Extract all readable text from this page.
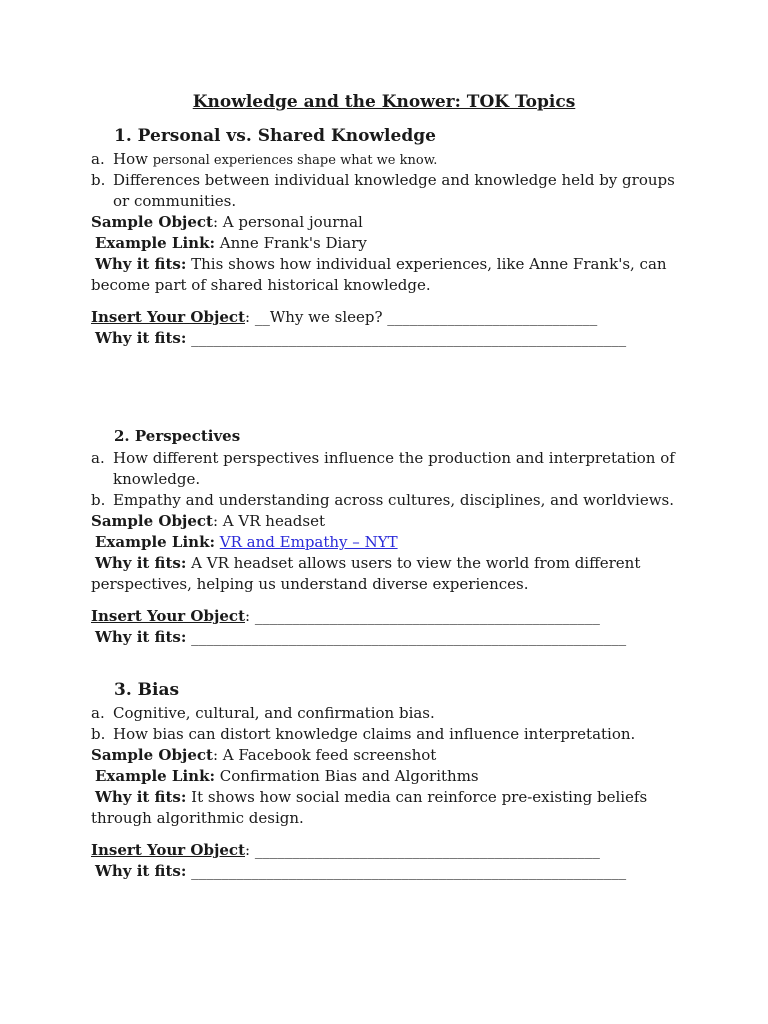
Knowledge and the Knower: TOK Topics
1. Personal vs. Shared Knowledge
a. How personal experiences shape what we know.
b. Differences between individual knowledge and knowledge held by groups
or communities.
Sample Object: A personal journal
Example Link: Anne Frank's Diary
Why it fits: This shows how individual experiences, like Anne Frank's, can
become part of shared historical knowledge.
Insert Your Object: __Why we sleep? ____________________________
Why it fits: __________________________________________________________
2. Perspectives
a. How different perspectives influence the production and interpretation of
knowledge.
b. Empathy and understanding across cultures, disciplines, and worldviews.
Sample Object: A VR headset
Example Link: VR and Empathy – NYT
Why it fits: A VR headset allows users to view the world from different
perspectives, helping us understand diverse experiences.
Insert Your Object: ______________________________________________
Why it fits: __________________________________________________________
3. Bias
a. Cognitive, cultural, and confirmation bias.
b. How bias can distort knowledge claims and influence interpretation.
Sample Object: A Facebook feed screenshot
Example Link: Confirmation Bias and Algorithms
Why it fits: It shows how social media can reinforce pre-existing beliefs
through algorithmic design.
Insert Your Object: ______________________________________________
Why it fits: __________________________________________________________
